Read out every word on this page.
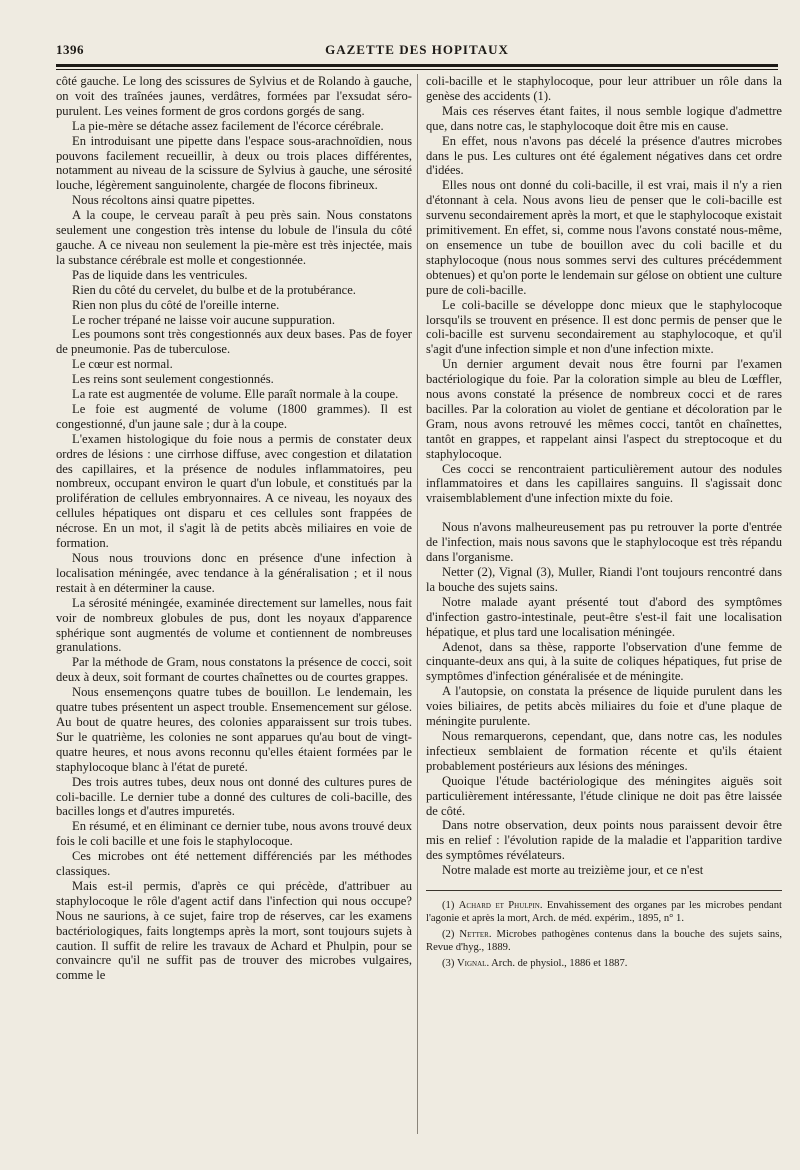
1396	GAZETTE DES HOPITAUX

côté gauche. Le long des scissures de Sylvius et de Rolando à gauche, on voit des traînées jaunes, verdâtres, formées par l'exsudat séro-purulent. Les veines forment de gros cordons gorgés de sang.

La pie-mère se détache assez facilement de l'écorce cérébrale.

En introduisant une pipette dans l'espace sous-arachnoïdien, nous pouvons facilement recueillir, à deux ou trois places différentes, notamment au niveau de la scissure de Sylvius à gauche, une sérosité louche, légèrement sanguinolente, chargée de flocons fibrineux.

Nous récoltons ainsi quatre pipettes.

A la coupe, le cerveau paraît à peu près sain. Nous constatons seulement une congestion très intense du lobule de l'insula du côté gauche. A ce niveau non seulement la pie-mère est très injectée, mais la substance cérébrale est molle et congestionnée.

Pas de liquide dans les ventricules.

Rien du côté du cervelet, du bulbe et de la protubérance.

Rien non plus du côté de l'oreille interne.

Le rocher trépané ne laisse voir aucune suppuration.

Les poumons sont très congestionnés aux deux bases. Pas de foyer de pneumonie. Pas de tuberculose.

Le cœur est normal.

Les reins sont seulement congestionnés.

La rate est augmentée de volume. Elle paraît normale à la coupe.

Le foie est augmenté de volume (1800 grammes). Il est congestionné, d'un jaune sale ; dur à la coupe.

L'examen histologique du foie nous a permis de constater deux ordres de lésions : une cirrhose diffuse, avec congestion et dilatation des capillaires, et la présence de nodules inflammatoires, peu nombreux, occupant environ le quart d'un lobule, et constitués par la prolifération de cellules embryonnaires. A ce niveau, les noyaux des cellules hépatiques ont disparu et ces cellules sont frappées de nécrose. En un mot, il s'agit là de petits abcès miliaires en voie de formation.

Nous nous trouvions donc en présence d'une infection à localisation méningée, avec tendance à la généralisation ; et il nous restait à en déterminer la cause.

La sérosité méningée, examinée directement sur lamelles, nous fait voir de nombreux globules de pus, dont les noyaux d'apparence sphérique sont augmentés de volume et contiennent de nombreuses granulations.

Par la méthode de Gram, nous constatons la présence de cocci, soit deux à deux, soit formant de courtes chaînettes ou de courtes grappes.

Nous ensemençons quatre tubes de bouillon. Le lendemain, les quatre tubes présentent un aspect trouble. Ensemencement sur gélose. Au bout de quatre heures, des colonies apparaissent sur trois tubes. Sur le quatrième, les colonies ne sont apparues qu'au bout de vingt-quatre heures, et nous avons reconnu qu'elles étaient formées par le staphylocoque blanc à l'état de pureté.

Des trois autres tubes, deux nous ont donné des cultures pures de coli-bacille. Le dernier tube a donné des cultures de coli-bacille, des bacilles longs et d'autres impuretés.

En résumé, et en éliminant ce dernier tube, nous avons trouvé deux fois le coli bacille et une fois le staphylocoque.

Ces microbes ont été nettement différenciés par les méthodes classiques.

Mais est-il permis, d'après ce qui précède, d'attribuer au staphylocoque le rôle d'agent actif dans l'infection qui nous occupe? Nous ne saurions, à ce sujet, faire trop de réserves, car les examens bactériologiques, faits longtemps après la mort, sont toujours sujets à caution. Il suffit de relire les travaux de Achard et Phulpin, pour se convaincre qu'il ne suffit pas de trouver des microbes vulgaires, comme le

coli-bacille et le staphylocoque, pour leur attribuer un rôle dans la genèse des accidents (1).

Mais ces réserves étant faites, il nous semble logique d'admettre que, dans notre cas, le staphylocoque doit être mis en cause.

En effet, nous n'avons pas décelé la présence d'autres microbes dans le pus. Les cultures ont été également négatives dans cet ordre d'idées.

Elles nous ont donné du coli-bacille, il est vrai, mais il n'y a rien d'étonnant à cela. Nous avons lieu de penser que le coli-bacille est survenu secondairement après la mort, et que le staphylocoque existait primitivement. En effet, si, comme nous l'avons constaté nous-même, on ensemence un tube de bouillon avec du coli bacille et du staphylocoque (nous nous sommes servi des cultures précédemment obtenues) et qu'on porte le lendemain sur gélose on obtient une culture pure de coli-bacille.

Le coli-bacille se développe donc mieux que le staphylocoque lorsqu'ils se trouvent en présence. Il est donc permis de penser que le coli-bacille est survenu secondairement au staphylocoque, et qu'il s'agit d'une infection simple et non d'une infection mixte.

Un dernier argument devait nous être fourni par l'examen bactériologique du foie. Par la coloration simple au bleu de Lœffler, nous avons constaté la présence de nombreux cocci et de rares bacilles. Par la coloration au violet de gentiane et décoloration par le Gram, nous avons retrouvé les mêmes cocci, tantôt en chaînettes, tantôt en grappes, et rappelant ainsi l'aspect du streptocoque et du staphylocoque.

Ces cocci se rencontraient particulièrement autour des nodules inflammatoires et dans les capillaires sanguins. Il s'agissait donc vraisemblablement d'une infection mixte du foie.

Nous n'avons malheureusement pas pu retrouver la porte d'entrée de l'infection, mais nous savons que le staphylocoque est très répandu dans l'organisme.

Netter (2), Vignal (3), Muller, Riandi l'ont toujours rencontré dans la bouche des sujets sains.

Notre malade ayant présenté tout d'abord des symptômes d'infection gastro-intestinale, peut-être s'est-il fait une localisation hépatique, et plus tard une localisation méningée.

Adenot, dans sa thèse, rapporte l'observation d'une femme de cinquante-deux ans qui, à la suite de coliques hépatiques, fut prise de symptômes d'infection généralisée et de méningite.

A l'autopsie, on constata la présence de liquide purulent dans les voies biliaires, de petits abcès miliaires du foie et d'une plaque de méningite purulente.

Nous remarquerons, cependant, que, dans notre cas, les nodules infectieux semblaient de formation récente et qu'ils étaient probablement postérieurs aux lésions des méninges.

Quoique l'étude bactériologique des méningites aiguës soit particulièrement intéressante, l'étude clinique ne doit pas être laissée de côté.

Dans notre observation, deux points nous paraissent devoir être mis en relief : l'évolution rapide de la maladie et l'apparition tardive des symptômes révélateurs.

Notre malade est morte au treizième jour, et ce n'est

(1) Achard et Phulpin. Envahissement des organes par les microbes pendant l'agonie et après la mort, Arch. de méd. expérim., 1895, n° 1.

(2) Netter. Microbes pathogènes contenus dans la bouche des sujets sains, Revue d'hyg., 1889.

(3) Vignal. Arch. de physiol., 1886 et 1887.
